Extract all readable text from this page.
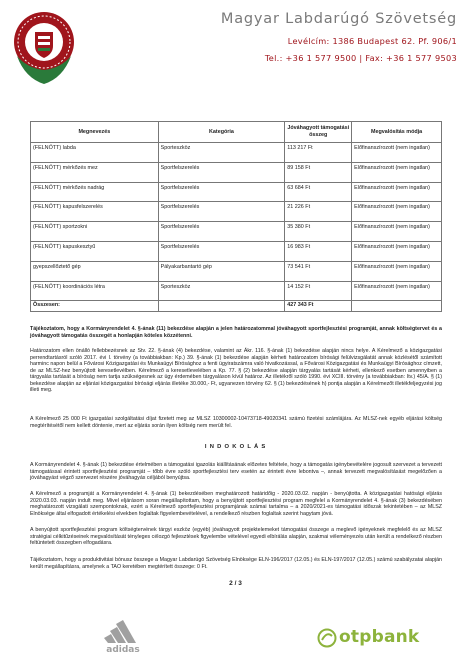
Magyar Labdarúgó Szövetség
Levélcím: 1386 Budapest 62. Pf. 906/1
Tel.: +36 1 577 9500 | Fax: +36 1 577 9503
Megnevezés	Kategória	Jóváhagyott támogatási összeg	Megvalósítás módja
(FELNŐTT) labda	Sporteszköz	113 217 Ft	Előfinanszírozott (nem ingatlan)
(FELNŐTT) mérkőzés mez	Sportfelszerelés	89 158 Ft	Előfinanszírozott (nem ingatlan)
(FELNŐTT) mérkőzés nadrág	Sportfelszerelés	63 684 Ft	Előfinanszírozott (nem ingatlan)
(FELNŐTT) kapusfelszerelés	Sportfelszerelés	21 226 Ft	Előfinanszírozott (nem ingatlan)
(FELNŐTT) sportzokni	Sportfelszerelés	35 380 Ft	Előfinanszírozott (nem ingatlan)
(FELNŐTT) kapuskesztyű	Sportfelszerelés	16 983 Ft	Előfinanszírozott (nem ingatlan)
gyepszellőztető gép	Pályakarbantartó gép	73 541 Ft	Előfinanszírozott (nem ingatlan)
(FELNŐTT) koordinációs létra	Sporteszköz	14 152 Ft	Előfinanszírozott (nem ingatlan)
Összesen:		427 343 Ft	
Tájékoztatom, hogy a Kormányrendelet 4. §-ának (11) bekezdése alapján a jelen határozatommal jóváhagyott sportfejlesztési programját, annak költségtervet és a jóváhagyott támogatás összegét a honlapján köteles közzétenni.
Határozatom ellen önálló fellebbezésnek az Stv. 22. §-ának (4) bekezdése, valamint az Ákr. 116. §-ának (1) bekezdése alapján nincs helye. A Kérelmező a közigazgatási perrendtartásról szóló 2017. évi I. törvény (a továbbiakban: Kp.) 39. §-ának (1) bekezdése alapján kérheti határozatom bírósági felülvizsgálatát annak közlésétől számított harminc napon belül a Fővárosi Közigazgatási és Munkaügyi Bírósághoz a fenti ügyiratszámra való hivatkozással, a Fővárosi Közigazgatási és Munkaügyi Bírósághoz címzett, de az MLSZ-hez benyújtott keresetlevélben. Kérelmező a keresetlevelében a Kp. 77. § (2) bekezdése alapján tárgyalás tartását kérheti, ellenkező esetben amennyiben a tárgyalás tartását a bíróság nem tartja szükségesnek az ügy érdemében tárgyaláson kívül határoz. Az illetékről szóló 1990. évi XCIII. törvény (a továbbiakban: Itv.) 45/A. § (1) bekezdése alapján az eljárási közigazgatási bírósági eljárás illetéke 30.000,- Ft, ugyanezen törvény 62. § (1) bekezdésének h) pontja alapján a Kérelmezőt illetékfeljegyzési jog illeti meg.
A Kérelmező 25 000 Ft igazgatási szolgáltatási díjat fizetett meg az MLSZ 10300002-10473718-49020341 számú fizetési számlájára. Az MLSZ-nek egyéb eljárási költség megtérítésétől nem kellett döntenie, mert az eljárás során ilyen költség nem merült fel.
I N D O K O L Á S
A Kormányrendelet 4. §-ának (1) bekezdése értelmében a támogatási igazolás kiállításának előzetes feltétele, hogy a támogatás igénybevételére jogosult szervezet a tervezett támogatással érintett sportfejlesztési programját – tőbb évre szóló sportfejlesztési terv esetén az érintett évre lebontva –, annak tervezett megvalósításást megelőzően a jóváhagyást végző szervezet részére jóváhagyás céljából benyújtsa.
A Kérelmező a programját a Kormányrendelet 4. §-ának (1) bekezdésében meghatározott határidőig - 2020.03.02. napján - benyújtotta. A közigazgatási hatósági eljárás 2020.03.03. napján indult meg. Mivel eljárásom soran megállapítottam, hogy a benyújtott sportfejlesztési program megfelel a Kormányrendelet 4. §-ának (3) bekezdésében meghatározott vizsgálati szempontoknak, ezért a Kérelmező sportfejlesztési programjának számai tartalma – a 2020/2021-es támogatási időszak tekintetében – az MLSZ Elnöksége által elfogadott értékelési elvekben foglaltak figyelembevételével, a rendelkező részben foglaltak szerint hagytam jóvá.
A benyújtott sportfejlesztési program költségtervének tárgyi eszköz (egyéb) jóváhagyott projektelemeket támogatási összege a meglevő igényeknek megfelelő és az MLSZ stratégiai célkitűzéseinek megvalósítását tényleges célozgó fejlesztések figyelembe vételével egyedi elbírálás alapján, szakmai véleményezés után került a rendelkező részben feltüntetett összegben elfogadásra.
Tájékoztatom, hogy a produktivitási bónusz összege a Magyar Labdarúgó Szövetség Elnöksége ELN-196/2017 (12.05.) és ELN-197/2017 (12.05.) számú szabályzatai alapján került megállapításra, amelynek a TAO keretében megtérített összege: 0 Ft.
2 / 3
adidas
otpbank
